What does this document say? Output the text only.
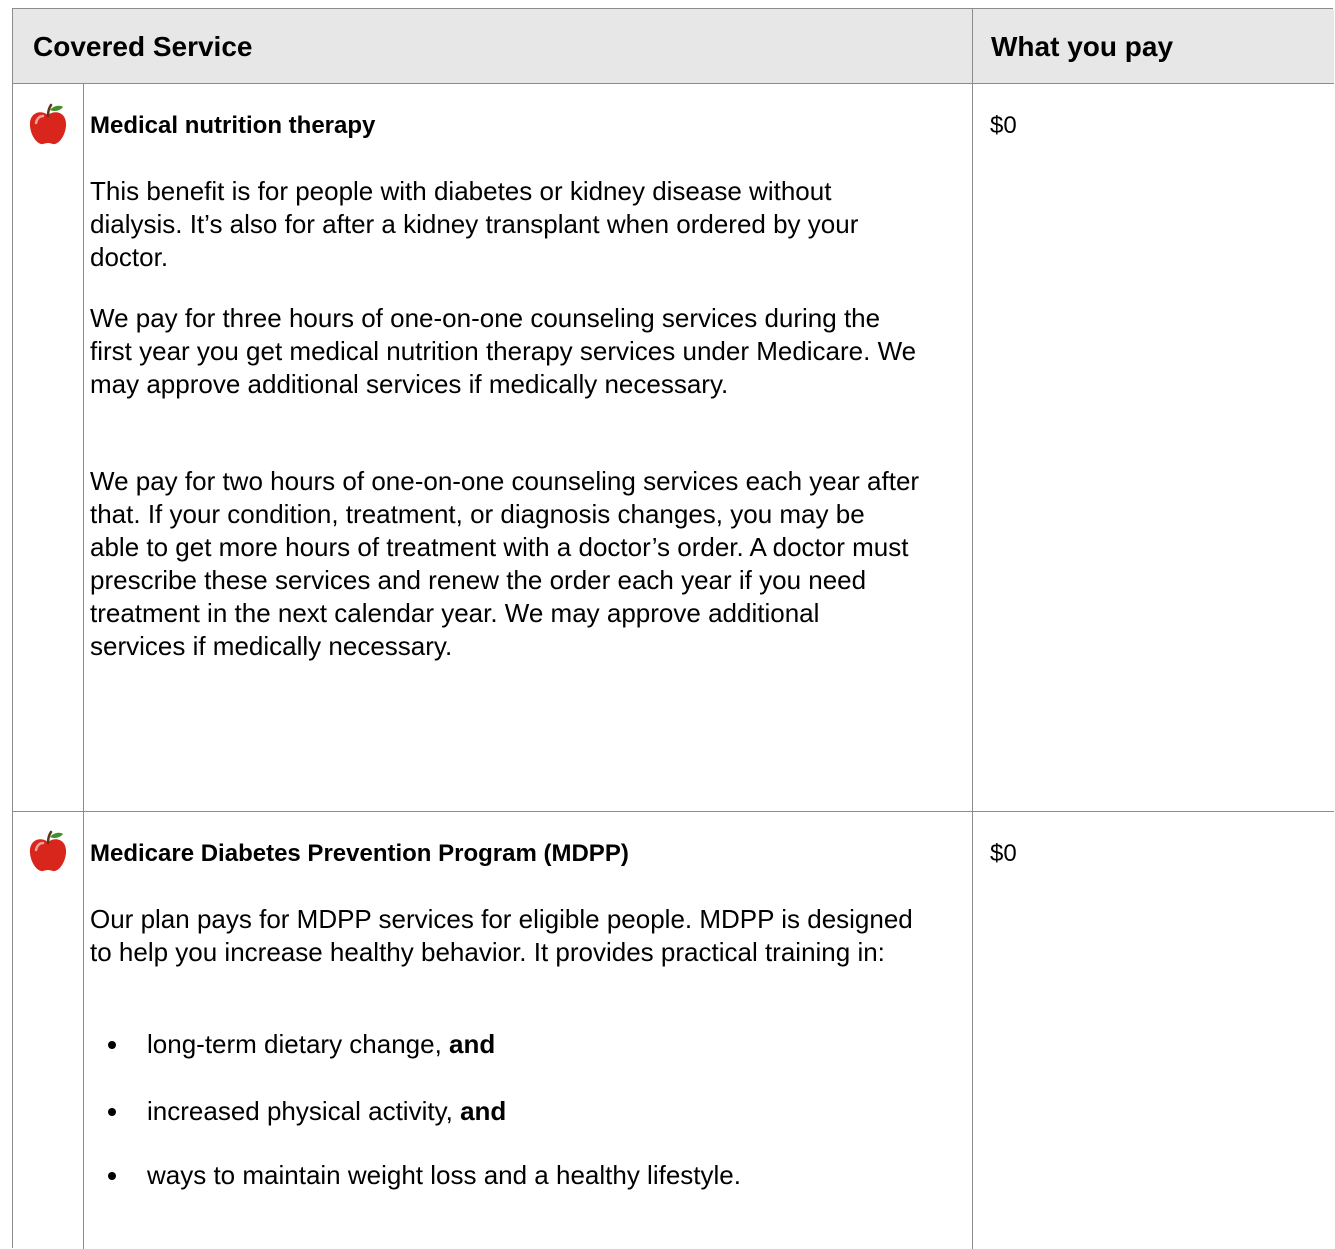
Covered Service	What you pay
Medical nutrition therapy	$0
This benefit is for people with diabetes or kidney disease without dialysis. It’s also for after a kidney transplant when ordered by your doctor.
We pay for three hours of one-on-one counseling services during the first year you get medical nutrition therapy services under Medicare. We may approve additional services if medically necessary.
We pay for two hours of one-on-one counseling services each year after that. If your condition, treatment, or diagnosis changes, you may be able to get more hours of treatment with a doctor’s order. A doctor must prescribe these services and renew the order each year if you need treatment in the next calendar year. We may approve additional services if medically necessary.
Medicare Diabetes Prevention Program (MDPP)	$0
Our plan pays for MDPP services for eligible people. MDPP is designed to help you increase healthy behavior. It provides practical training in:
long-term dietary change, and
increased physical activity, and
ways to maintain weight loss and a healthy lifestyle.
